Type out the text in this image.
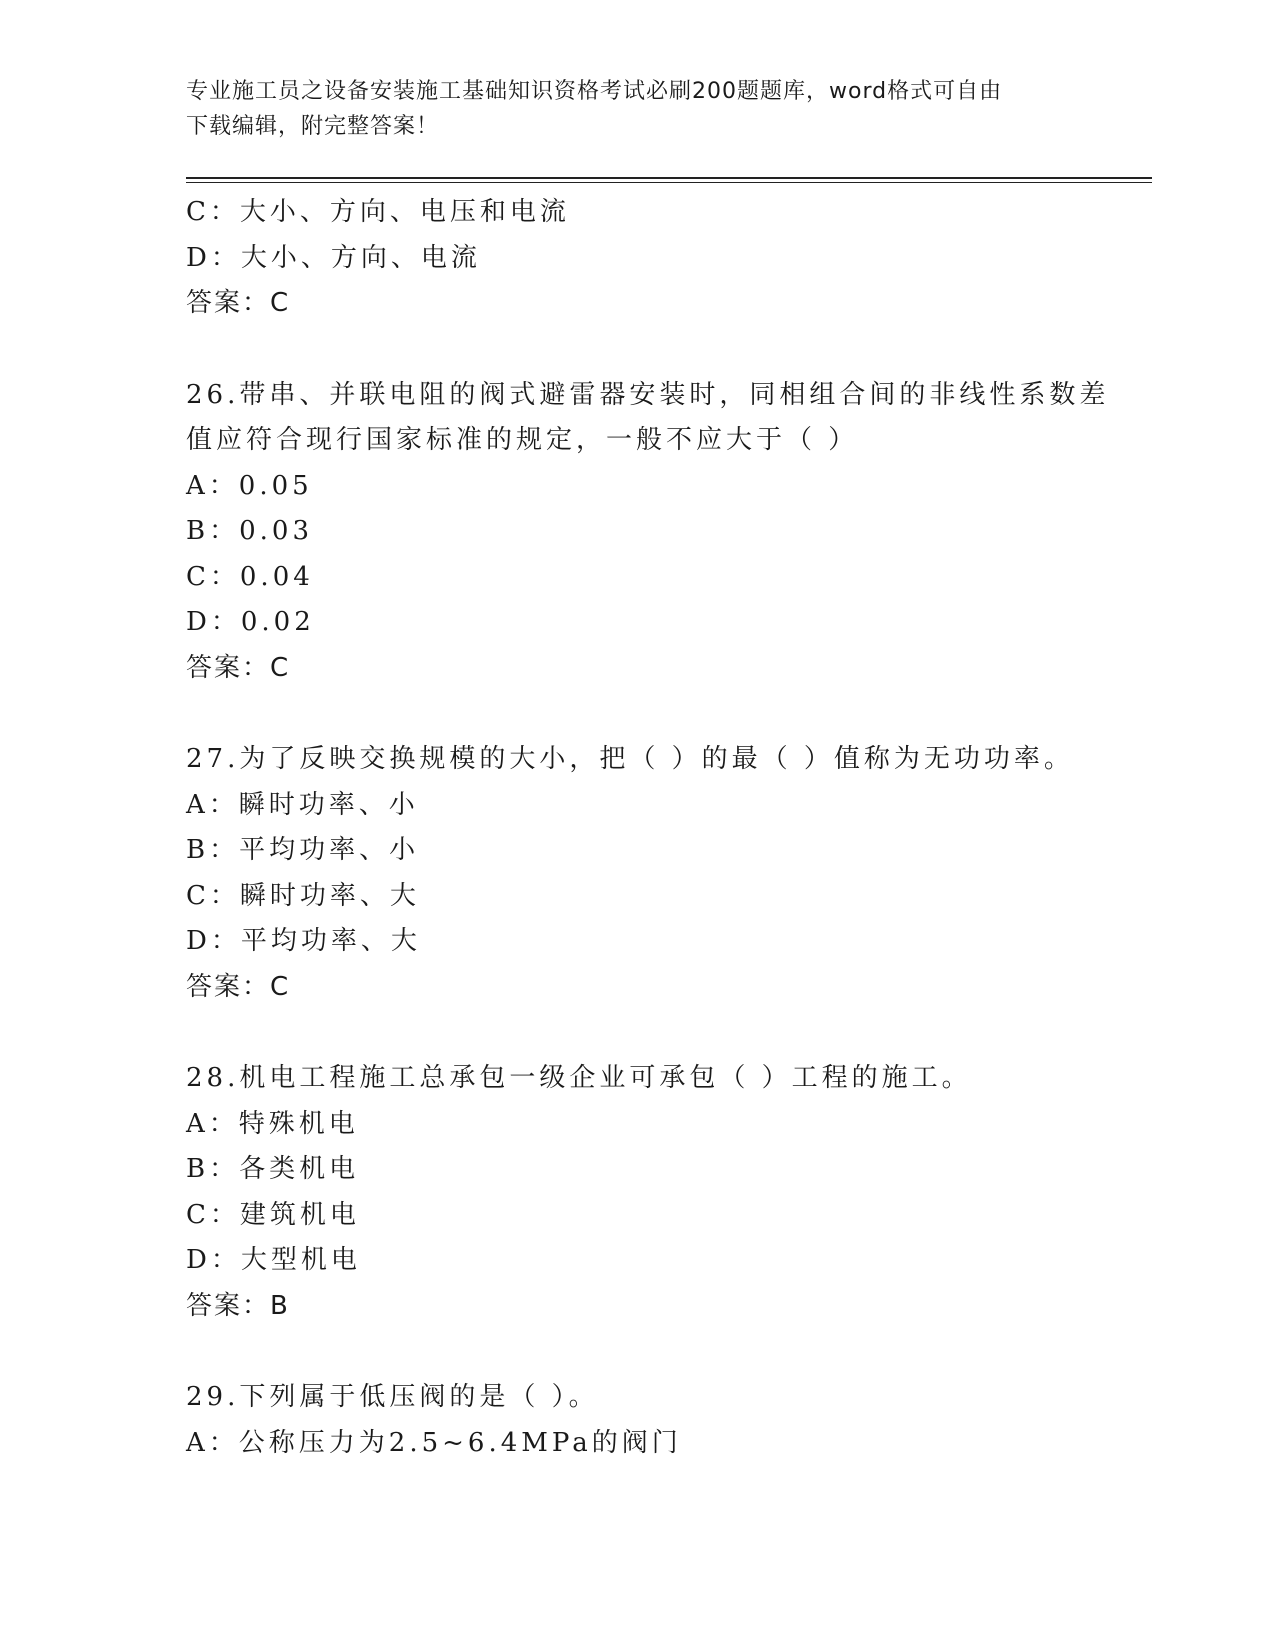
专业施工员之设备安装施工基础知识资格考试必刷200题题库，word格式可自由
下载编辑，附完整答案！
C：大小、方向、电压和电流
D：大小、方向、电流
答案：C
26.带串、并联电阻的阀式避雷器安装时，同相组合间的非线性系数差
值应符合现行国家标准的规定，一般不应大于（ ）
A：0.05
B：0.03
C：0.04
D：0.02
答案：C
27.为了反映交换规模的大小，把（ ）的最（ ）值称为无功功率。
A：瞬时功率、小
B：平均功率、小
C：瞬时功率、大
D：平均功率、大
答案：C
28.机电工程施工总承包一级企业可承包（ ）工程的施工。
A：特殊机电
B：各类机电
C：建筑机电
D：大型机电
答案：B
29.下列属于低压阀的是（ ）。
A：公称压力为2.5~6.4MPa的阀门
